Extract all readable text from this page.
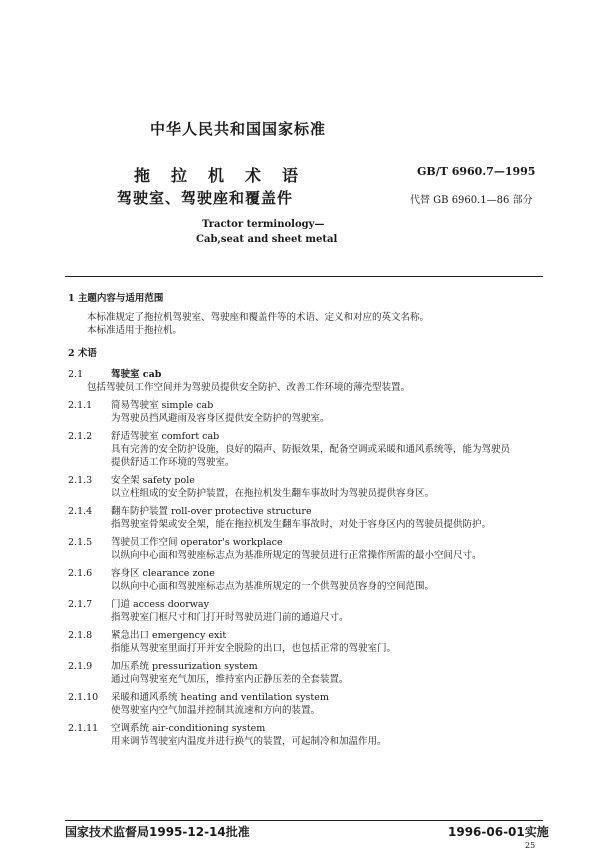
中华人民共和国国家标准
拖拉机术语
驾驶室、驾驶座和覆盖件
GB/T 6960.7—1995
代替 GB 6960.1—86 部分
Tractor terminology—
Cab,seat and sheet metal
1 主题内容与适用范围
本标准规定了拖拉机驾驶室、驾驶座和覆盖件等的术语、定义和对应的英文名称。
本标准适用于拖拉机。
2 术语
2.1	驾驶室 cab
包括驾驶员工作空间并为驾驶员提供安全防护、改善工作环境的薄壳型装置。
2.1.1 简易驾驶室 simple cab
为驾驶员挡风避雨及容身区提供安全防护的驾驶室。
2.1.2 舒适驾驶室 comfort cab
具有完善的安全防护设施，良好的隔声、防振效果，配备空调或采暖和通风系统等，能为驾驶员
提供舒适工作环境的驾驶室。
2.1.3 安全架 safety pole
以立柱组成的安全防护装置，在拖拉机发生翻车事故时为驾驶员提供容身区。
2.1.4 翻车防护装置 roll-over protective structure
指驾驶室骨架或安全架，能在拖拉机发生翻车事故时，对处于容身区内的驾驶员提供防护。
2.1.5 驾驶员工作空间 operator's workplace
以纵向中心面和驾驶座标志点为基准所规定的驾驶员进行正常操作所需的最小空间尺寸。
2.1.6 容身区 clearance zone
以纵向中心面和驾驶座标志点为基准所规定的一个供驾驶员容身的空间范围。
2.1.7 门道 access doorway
指驾驶室门框尺寸和门打开时驾驶员进门前的通道尺寸。
2.1.8 紧急出口 emergency exit
指能从驾驶室里面打开并安全脱险的出口，也包括正常的驾驶室门。
2.1.9 加压系统 pressurization system
通过向驾驶室充气加压，维持室内正静压差的全套装置。
2.1.10 采暖和通风系统 heating and ventilation system
使驾驶室内空气加温并控制其流速和方向的装置。
2.1.11 空调系统 air-conditioning system
用来调节驾驶室内温度并进行换气的装置，可起制冷和加温作用。
国家技术监督局1995-12-14批准	1996-06-01实施
25
